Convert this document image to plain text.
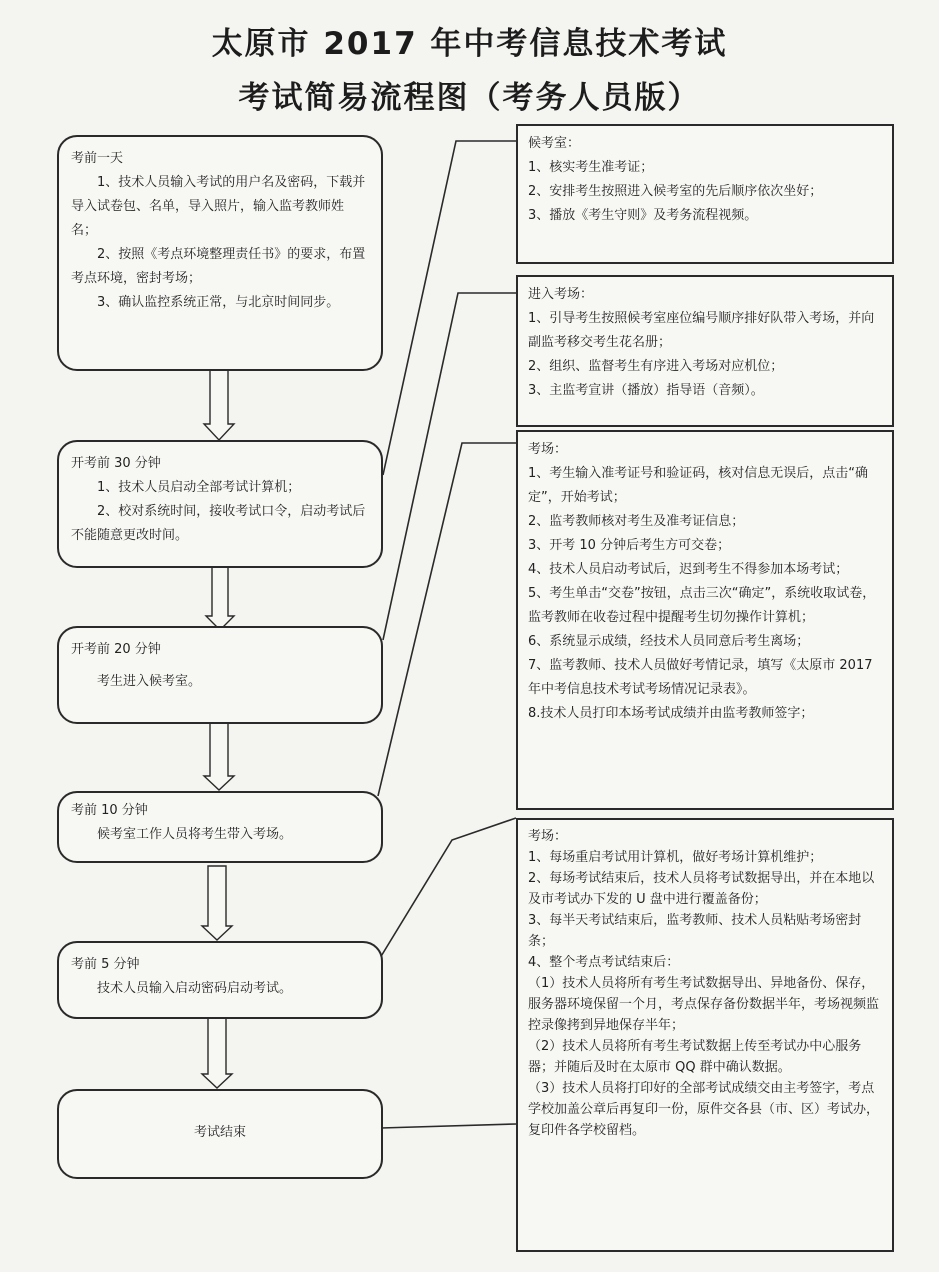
太原市 2017 年中考信息技术考试
考试简易流程图（考务人员版）
考前一天
1、技术人员输入考试的用户名及密码，下载并导入试卷包、名单，导入照片，输入监考教师姓名；
2、按照《考点环境整理责任书》的要求，布置考点环境，密封考场；
3、确认监控系统正常，与北京时间同步。
开考前 30 分钟
1、技术人员启动全部考试计算机；
2、校对系统时间，接收考试口令，启动考试后不能随意更改时间。
开考前 20 分钟
考生进入候考室。
考前 10 分钟
候考室工作人员将考生带入考场。
考前 5 分钟
技术人员输入启动密码启动考试。
考试结束
候考室：
1、核实考生准考证；
2、安排考生按照进入候考室的先后顺序依次坐好；
3、播放《考生守则》及考务流程视频。
进入考场：
1、引导考生按照候考室座位编号顺序排好队带入考场，并向副监考移交考生花名册；
2、组织、监督考生有序进入考场对应机位；
3、主监考宣讲（播放）指导语（音频）。
考场：
1、考生输入准考证号和验证码，核对信息无误后，点击“确定”，开始考试；
2、监考教师核对考生及准考证信息；
3、开考 10 分钟后考生方可交卷；
4、技术人员启动考试后，迟到考生不得参加本场考试；
5、考生单击“交卷”按钮，点击三次“确定”，系统收取试卷，监考教师在收卷过程中提醒考生切勿操作计算机；
6、系统显示成绩，经技术人员同意后考生离场；
7、监考教师、技术人员做好考情记录，填写《太原市 2017 年中考信息技术考试考场情况记录表》。
8.技术人员打印本场考试成绩并由监考教师签字；
考场：
1、每场重启考试用计算机，做好考场计算机维护；
2、每场考试结束后，技术人员将考试数据导出，并在本地以及市考试办下发的 U 盘中进行覆盖备份；
3、每半天考试结束后，监考教师、技术人员粘贴考场密封条；
4、整个考点考试结束后：
（1）技术人员将所有考生考试数据导出、异地备份、保存，服务器环境保留一个月，考点保存备份数据半年，考场视频监控录像拷到异地保存半年；
（2）技术人员将所有考生考试数据上传至考试办中心服务器；并随后及时在太原市 QQ 群中确认数据。
（3）技术人员将打印好的全部考试成绩交由主考签字，考点学校加盖公章后再复印一份，原件交各县（市、区）考试办，复印件各学校留档。
